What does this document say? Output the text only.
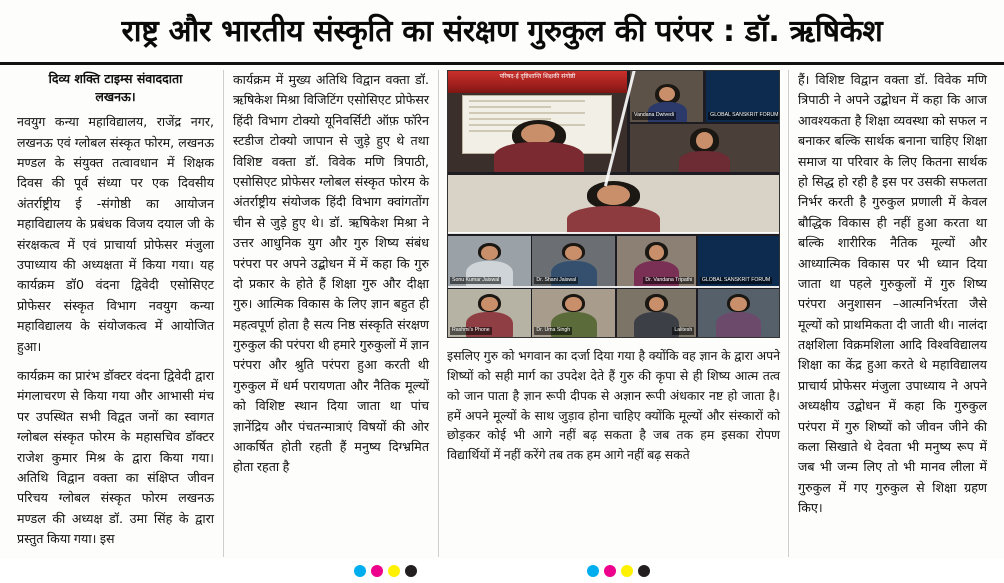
राष्ट्र और भारतीय संस्कृति का संरक्षण गुरुकुल की परंपर : डॉ. ऋषिकेश
दिव्य शक्ति टाइम्स संवाददाता
लखनऊ।

नवयुग कन्या महाविद्यालय, राजेंद्र नगर, लखनऊ एवं ग्लोबल संस्कृत फोरम, लखनऊ मण्डल के संयुक्त तत्वावधान में शिक्षक दिवस की पूर्व संध्या पर एक दिवसीय अंतर्राष्ट्रीय ई -संगोष्ठी का आयोजन महाविद्यालय के प्रबंधक विजय दयाल जी के संरक्षकत्व में एवं प्राचार्या प्रोफेसर मंजुला उपाध्याय की अध्यक्षता में किया गया। यह कार्यक्रम डॉ0 वंदना द्विवेदी एसोसिएट प्रोफेसर संस्कृत विभाग नवयुग कन्या महाविद्यालय के संयोजकत्व में आयोजित हुआ।

कार्यक्रम का प्रारंभ डॉक्टर वंदना द्विवेदी द्वारा मंगलाचरण से किया गया और आभासी मंच पर उपस्थित सभी विद्वत जनों का स्वागत ग्लोबल संस्कृत फोरम के महासचिव डॉक्टर राजेश कुमार मिश्र के द्वारा किया गया। अतिथि विद्वान वक्ता का संक्षिप्त जीवन परिचय ग्लोबल संस्कृत फोरम लखनऊ मण्डल की अध्यक्ष डॉ. उमा सिंह के द्वारा प्रस्तुत किया गया। इस

कार्यक्रम में मुख्य अतिथि विद्वान वक्ता डॉ. ऋषिकेश मिश्रा विजिटिंग एसोसिएट प्रोफेसर हिंदी विभाग टोक्यो यूनिवर्सिटी ऑफ़ फॉरेन स्टडीज टोक्यो जापान से जुड़े हुए थे तथा विशिष्ट वक्ता डॉ. विवेक मणि त्रिपाठी, एसोसिएट प्रोफेसर ग्लोबल संस्कृत फोरम के अंतर्राष्ट्रीय संयोजक हिंदी विभाग क्वांगतोंग चीन से जुड़े हुए थे। डॉ. ऋषिकेश मिश्रा ने उत्तर आधुनिक युग और गुरु शिष्य संबंध परंपरा पर अपने उद्बोधन में में कहा कि गुरु दो प्रकार के होते हैं शिक्षा गुरु और दीक्षा गुरु। आत्मिक विकास के लिए ज्ञान बहुत ही महत्वपूर्ण होता है सत्य निष्ठ संस्कृति संरक्षण गुरुकुल की परंपरा थी हमारे गुरुकुलों में ज्ञान परंपरा और श्रुति परंपरा हुआ करती थी गुरुकुल में धर्म परायणता और नैतिक मूल्यों को विशिष्ट स्थान दिया जाता था पांच ज्ञानेंद्रिय और पंचतन्मात्राएं विषयों की ओर आकर्षित होती रहती हैं मनुष्य दिग्भ्रमित होता रहता है

परिषद-ई दृष्टिशान्ति शिक्षकी संगोष्ठी
Vandana Dwivedi	GLOBAL SANSKRIT FORUM
Sonu Kumar Jaiswal	Dr. Shani Jaiswal	Dr. Vandana Tripathi	GLOBAL SANSKRIT FORUM
Rashmi's Phone	Dr. Uma Singh	Lalitesh

इसलिए गुरु को भगवान का दर्जा दिया गया है क्योंकि वह ज्ञान के द्वारा अपने शिष्यों को सही मार्ग का उपदेश देते हैं गुरु की कृपा से ही शिष्य आत्म तत्व को जान पाता है ज्ञान रूपी दीपक से अज्ञान रूपी अंधकार नष्ट हो जाता है। हमें अपने मूल्यों के साथ जुड़ाव होना चाहिए क्योंकि मूल्यों और संस्कारों को छोड़कर कोई भी आगे नहीं बढ़ सकता है जब तक हम इसका रोपण विद्यार्थियों में नहीं करेंगे तब तक हम आगे नहीं बढ़ सकते

हैं। विशिष्ट विद्वान वक्ता डॉ. विवेक मणि त्रिपाठी ने अपने उद्बोधन में कहा कि आज आवश्यकता है शिक्षा व्यवस्था को सफल न बनाकर बल्कि सार्थक बनाना चाहिए शिक्षा समाज या परिवार के लिए कितना सार्थक हो सिद्ध हो रही है इस पर उसकी सफलता निर्भर करती है गुरुकुल प्रणाली में केवल बौद्धिक विकास ही नहीं हुआ करता था बल्कि शारीरिक नैतिक मूल्यों और आध्यात्मिक विकास पर भी ध्यान दिया जाता था पहले गुरुकुलों में गुरु शिष्य परंपरा अनुशासन –आत्मनिर्भरता जैसे मूल्यों को प्राथमिकता दी जाती थी। नालंदा तक्षशिला विक्रमशिला आदि विश्वविद्यालय शिक्षा का केंद्र हुआ करते थे महाविद्यालय प्राचार्य प्रोफेसर मंजुला उपाध्याय ने अपने अध्यक्षीय उद्बोधन में कहा कि गुरुकुल परंपरा में गुरु शिष्यों को जीवन जीने की कला सिखाते थे देवता भी मनुष्य रूप में जब भी जन्म लिए तो भी मानव लीला में गुरुकुल में गए गुरुकुल से शिक्षा ग्रहण किए।
